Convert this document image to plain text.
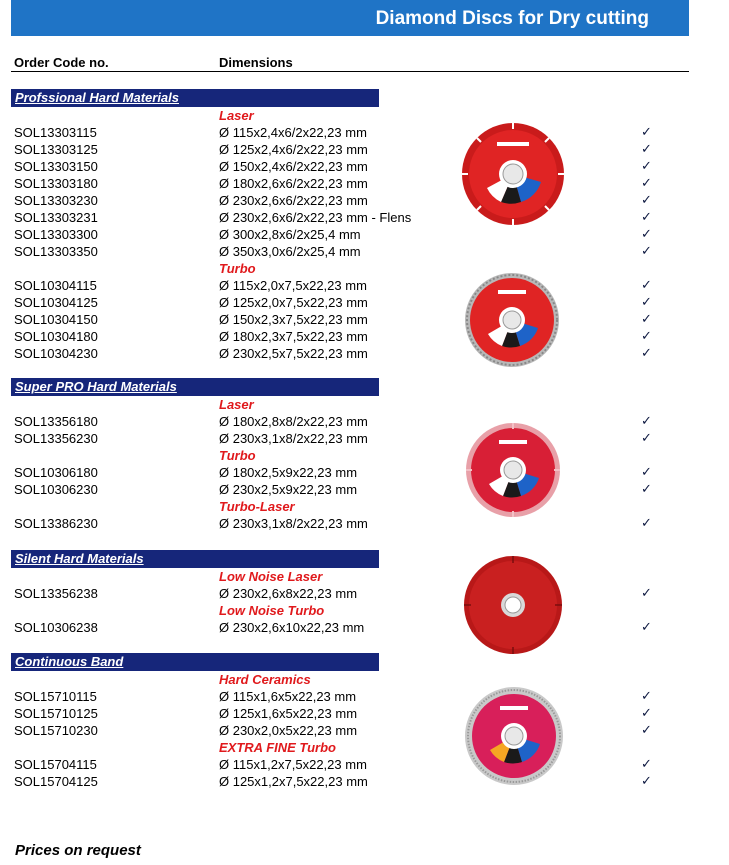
Diamond Discs for Dry cutting
Order Code no.	Dimensions
Profssional Hard Materials
Laser
SOL13303115	Ø 115x2,4x6/2x22,23 mm	✓
SOL13303125	Ø 125x2,4x6/2x22,23 mm	✓
SOL13303150	Ø 150x2,4x6/2x22,23 mm	✓
SOL13303180	Ø 180x2,6x6/2x22,23 mm	✓
SOL13303230	Ø 230x2,6x6/2x22,23 mm	✓
SOL13303231	Ø 230x2,6x6/2x22,23 mm - Flens	✓
SOL13303300	Ø 300x2,8x6/2x25,4 mm	✓
SOL13303350	Ø 350x3,0x6/2x25,4 mm	✓
Turbo
SOL10304115	Ø 115x2,0x7,5x22,23 mm	✓
SOL10304125	Ø 125x2,0x7,5x22,23 mm	✓
SOL10304150	Ø 150x2,3x7,5x22,23 mm	✓
SOL10304180	Ø 180x2,3x7,5x22,23 mm	✓
SOL10304230	Ø 230x2,5x7,5x22,23 mm	✓
Super PRO Hard Materials
Laser
SOL13356180	Ø 180x2,8x8/2x22,23 mm	✓
SOL13356230	Ø 230x3,1x8/2x22,23 mm	✓
Turbo
SOL10306180	Ø 180x2,5x9x22,23 mm	✓
SOL10306230	Ø 230x2,5x9x22,23 mm	✓
Turbo-Laser
SOL13386230	Ø 230x3,1x8/2x22,23 mm	✓
Silent Hard Materials
Low Noise Laser
SOL13356238	Ø 230x2,6x8x22,23 mm	✓
Low Noise Turbo
SOL10306238	Ø 230x2,6x10x22,23 mm	✓
Continuous Band
Hard Ceramics
SOL15710115	Ø 115x1,6x5x22,23 mm	✓
SOL15710125	Ø 125x1,6x5x22,23 mm	✓
SOL15710230	Ø 230x2,0x5x22,23 mm	✓
EXTRA FINE Turbo
SOL15704115	Ø 115x1,2x7,5x22,23 mm	✓
SOL15704125	Ø 125x1,2x7,5x22,23 mm	✓
Prices on request
